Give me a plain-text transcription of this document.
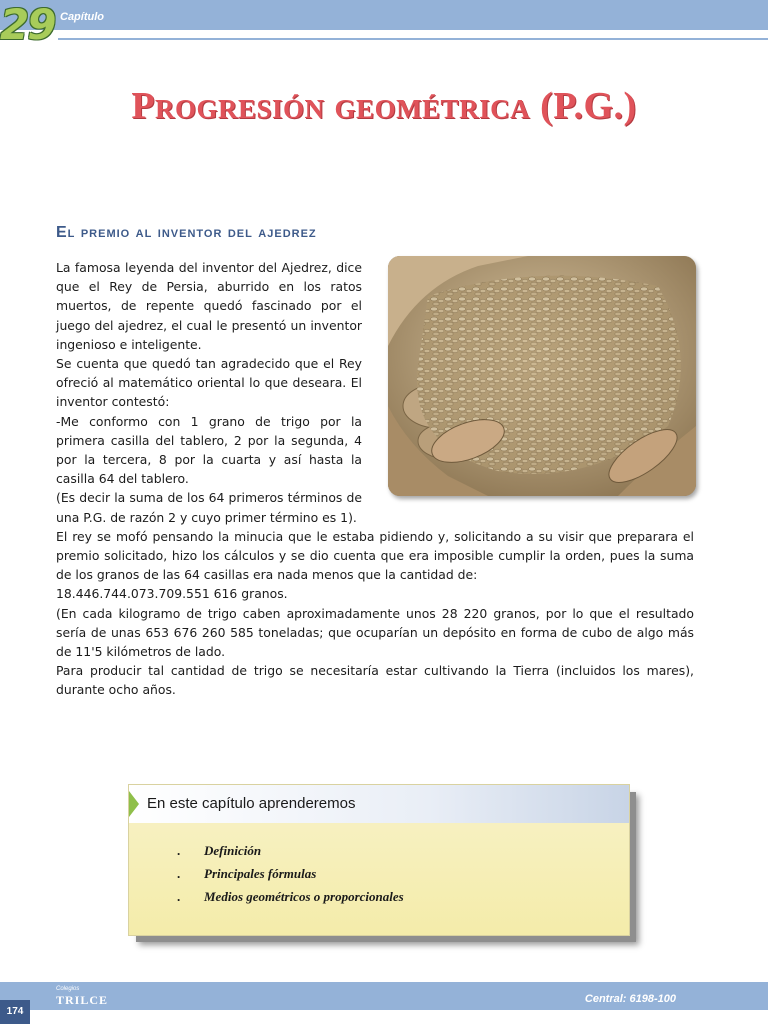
29 Capítulo
Progresión geométrica (P.G.)
El premio al inventor del ajedrez

La famosa leyenda del inventor del Ajedrez, dice que el Rey de Persia, aburrido en los ratos muertos, de repente quedó fascinado por el juego del ajedrez, el cual le presentó un inventor ingenioso e inteligente.

Se cuenta que quedó tan agradecido que el Rey ofreció al matemático oriental lo que deseara. El inventor contestó:

-Me conformo con 1 grano de trigo por la primera casilla del tablero, 2 por la segunda, 4 por la tercera, 8 por la cuarta y así hasta la casilla 64 del tablero.

(Es decir la suma de los 64 primeros términos de una P.G. de razón 2 y cuyo primer término es 1).

El rey se mofó pensando la minucia que le estaba pidiendo y, solicitando a su visir que preparara el premio solicitado, hizo los cálculos y se dio cuenta que era imposible cumplir la orden, pues la suma de los granos de las 64 casillas era nada menos que la cantidad de:

18.446.744.073.709.551 616 granos.

(En cada kilogramo de trigo caben aproximadamente unos 28 220 granos, por lo que el resultado sería de unas 653 676 260 585 toneladas; que ocuparían un depósito en forma de cubo de algo más de 11'5 kilómetros de lado.

Para producir tal cantidad de trigo se necesitaría estar cultivando la Tierra (incluidos los mares), durante ocho años.

En este capítulo aprenderemos
. Definición
. Principales fórmulas
. Medios geométricos o proporcionales
174
Colegios
TRILCE	Central: 6198-100
